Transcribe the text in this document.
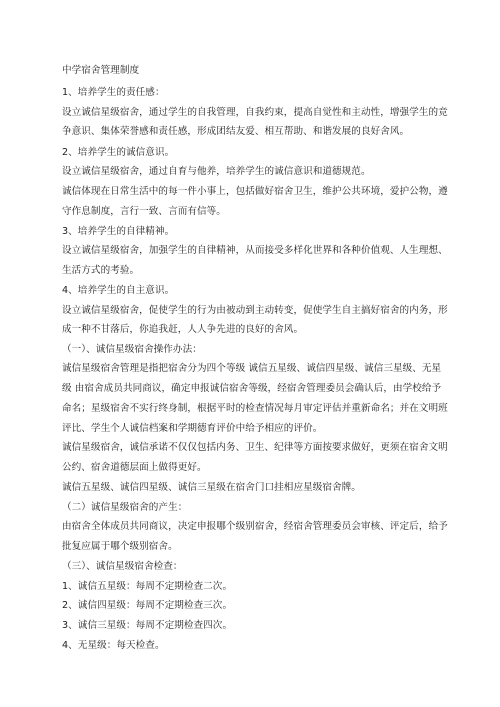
中学宿舍管理制度
1、培养学生的责任感：
设立诚信星级宿舍，通过学生的自我管理，自我约束，提高自觉性和主动性，增强学生的竞
争意识、集体荣誉感和责任感，形成团结友爱、相互帮助、和谐发展的良好舍风。
2、培养学生的诚信意识。
设立诚信星级宿舍，通过自育与他养，培养学生的诚信意识和道德规范。
诚信体现在日常生活中的每一件小事上，包括做好宿舍卫生，维护公共环境，爱护公物，遵
守作息制度，言行一致、言而有信等。
3、培养学生的自律精神。
设立诚信星级宿舍，加强学生的自律精神，从而接受多样化世界和各种价值观、人生理想、
生活方式的考验。
4、培养学生的自主意识。
设立诚信星级宿舍，促使学生的行为由被动到主动转变，促使学生自主搞好宿舍的内务，形
成一种不甘落后，你追我赶，人人争先进的良好的舍风。
（一）、诚信星级宿舍操作办法：
诚信星级宿舍管理是指把宿舍分为四个等级 诚信五星级、诚信四星级、诚信三星级、无星
级 由宿舍成员共同商议，确定申报诚信宿舍等级，经宿舍管理委员会确认后，由学校给予
命名；星级宿舍不实行终身制，根据平时的检查情况每月审定评估并重新命名；并在文明班
评比、学生个人诚信档案和学期德育评价中给予相应的评价。
诚信星级宿舍，诚信承诺不仅仅包括内务、卫生、纪律等方面按要求做好，更须在宿舍文明
公约、宿舍道德层面上做得更好。
诚信五星级、诚信四星级、诚信三星级在宿舍门口挂相应星级宿舍牌。
（二）诚信星级宿舍的产生：
由宿舍全体成员共同商议，决定申报哪个级别宿舍，经宿舍管理委员会审核、评定后，给予
批复应属于哪个级别宿舍。
（三）、诚信星级宿舍检查：
1、诚信五星级：每周不定期检查二次。
2、诚信四星级：每周不定期检查三次。
3、诚信三星级：每周不定期检查四次。
4、无星级：每天检查。
